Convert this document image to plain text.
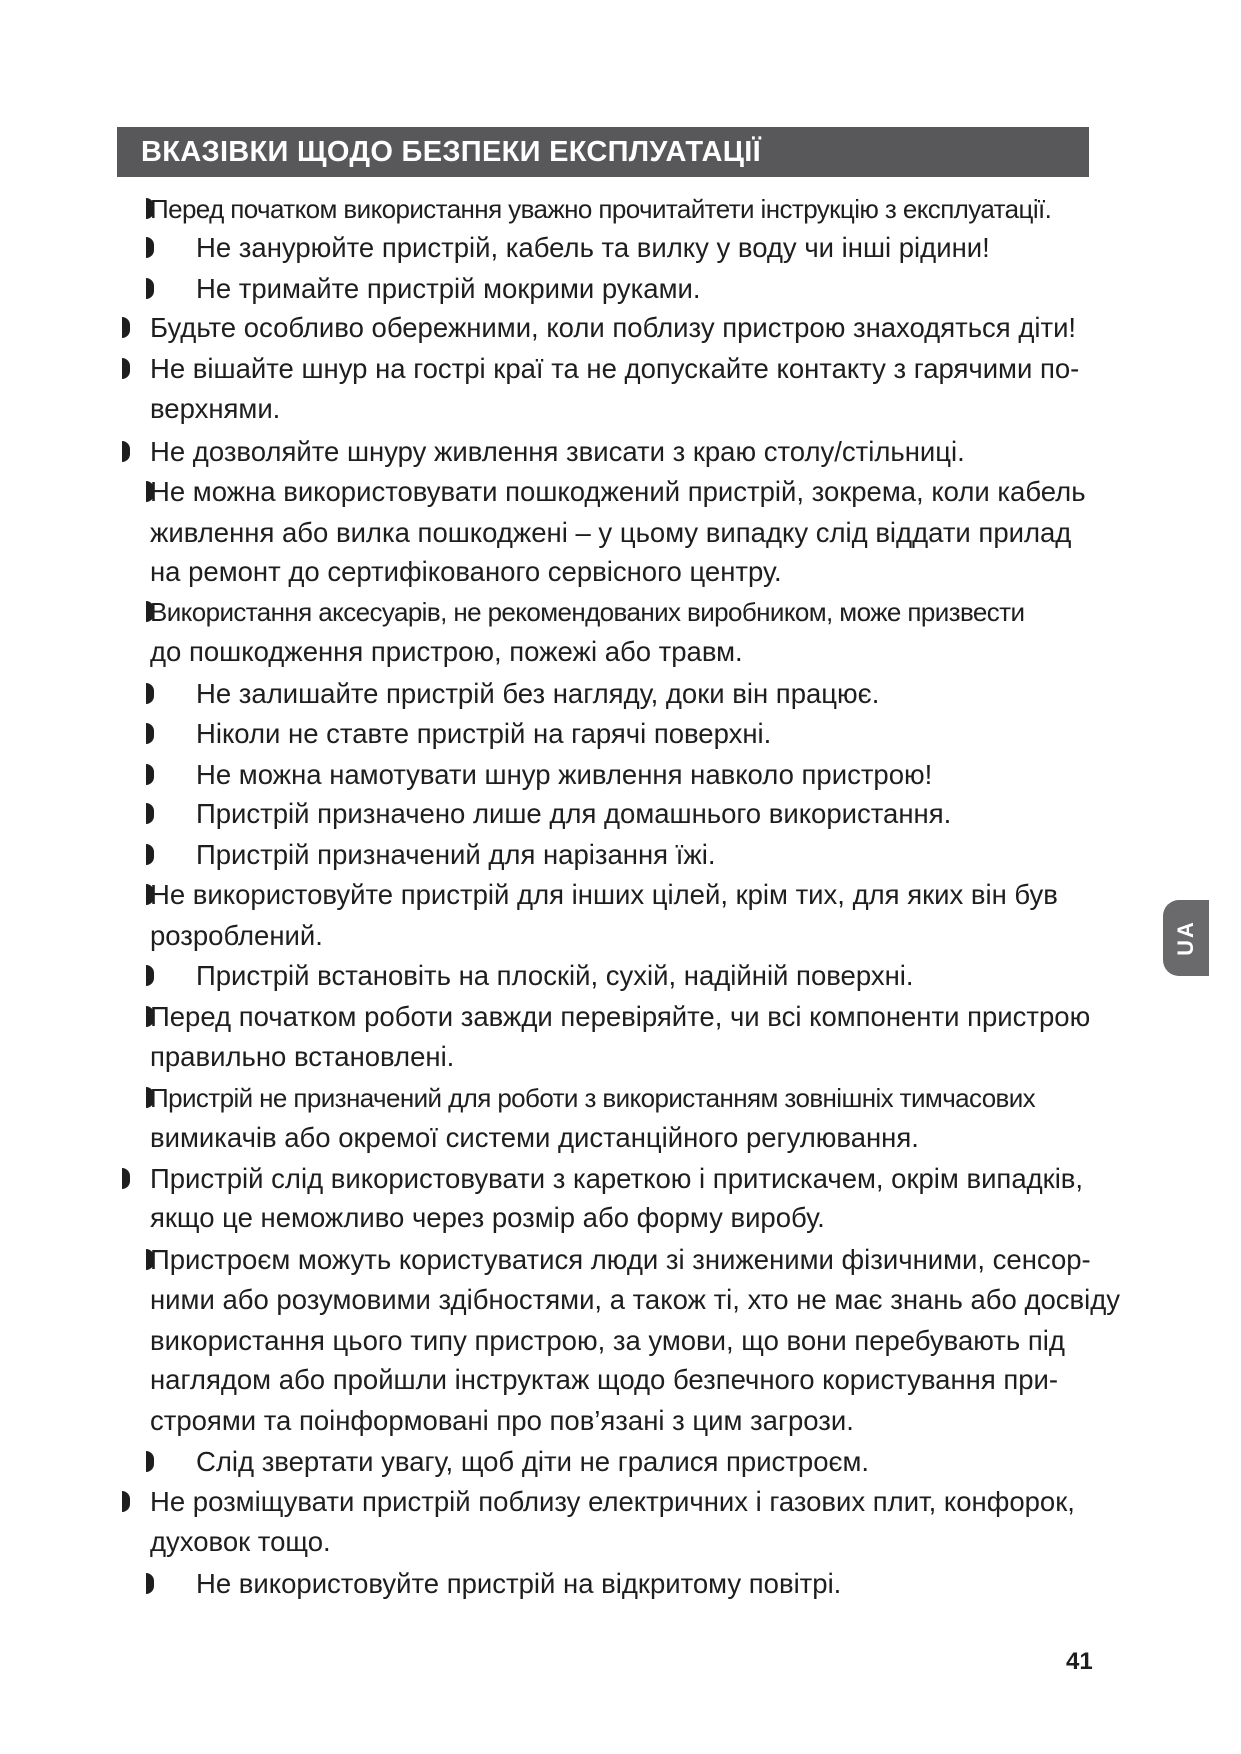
ВКАЗІВКИ ЩОДО БЕЗПЕКИ ЕКСПЛУАТАЦІЇ
Перед початком використання уважно прочитайтети інструкцію з експлуатації.
Не занурюйте пристрій, кабель та вилку у воду чи інші рідини!
Не тримайте пристрій мокрими руками.
Будьте особливо обережними, коли поблизу пристрою знаходяться діти!
Не вішайте шнур на гострі краї та не допускайте контакту з гарячими по-
верхнями.
Не дозволяйте шнуру живлення звисати з краю столу/стільниці.
Не можна використовувати пошкоджений пристрій, зокрема, коли кабель
живлення або вилка пошкоджені – у цьому випадку слід віддати прилад
на ремонт до сертифікованого сервісного центру.
Використання аксесуарів, не рекомендованих виробником, може призвести
до пошкодження пристрою, пожежі або травм.
Не залишайте пристрій без нагляду, доки він працює.
Ніколи не ставте пристрій на гарячі поверхні.
Не можна намотувати шнур живлення навколо пристрою!
Пристрій призначено лише для домашнього використання.
Пристрій призначений для нарізання їжі.
Не використовуйте пристрій для інших цілей, крім тих, для яких він був
розроблений.
Пристрій встановіть на плоскій, сухій, надійній поверхні.
Перед початком роботи завжди перевіряйте, чи всі компоненти пристрою
правильно встановлені.
Пристрій не призначений для роботи з використанням зовнішніх тимчасових
вимикачів або окремої системи дистанційного регулювання.
Пристрій слід використовувати з кареткою і притискачем, окрім випадків,
якщо це неможливо через розмір або форму виробу.
Пристроєм можуть користуватися люди зі зниженими фізичними, сенсор-
ними або розумовими здібностями, а також ті, хто не має знань або досвіду
використання цього типу пристрою, за умови, що вони перебувають під
наглядом або пройшли інструктаж щодо безпечного користування при-
строями та поінформовані про пов’язані з цим загрози.
Слід звертати увагу, щоб діти не гралися пристроєм.
Не розміщувати пристрій поблизу електричних і газових плит, конфорок,
духовок тощо.
Не використовуйте пристрій на відкритому повітрі.
UA
41
